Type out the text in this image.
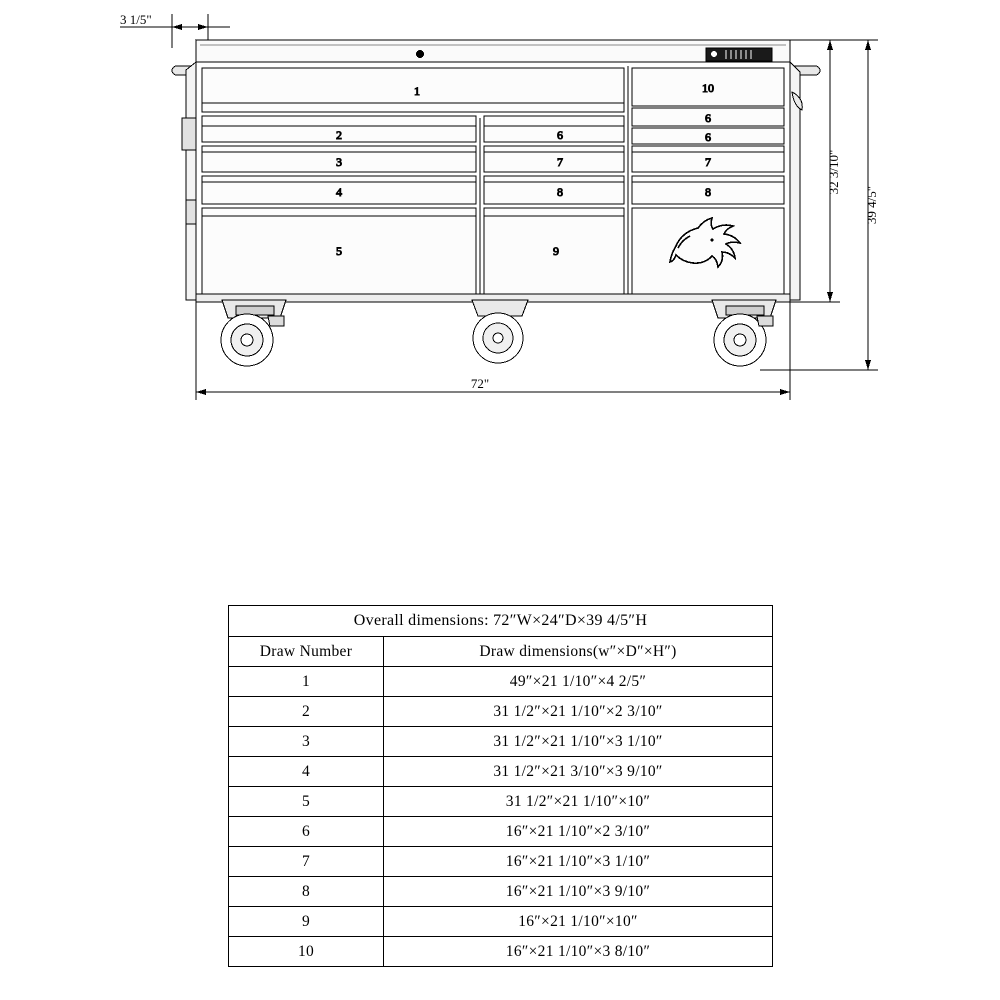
1	10
6
2	6	6
3	7	7
4	8	8
5	9
3 1/5"
72"
32 3/10"
39 4/5"
Overall dimensions: 72″W×24″D×39 4/5″H	
Draw Number	Draw dimensions(w″×D″×H″)
1	49″×21 1/10″×4 2/5″
2	31 1/2″×21 1/10″×2 3/10″
3	31 1/2″×21 1/10″×3 1/10″
4	31 1/2″×21 3/10″×3 9/10″
5	31 1/2″×21 1/10″×10″
6	16″×21 1/10″×2 3/10″
7	16″×21 1/10″×3 1/10″
8	16″×21 1/10″×3 9/10″
9	16″×21 1/10″×10″
10	16″×21 1/10″×3 8/10″
